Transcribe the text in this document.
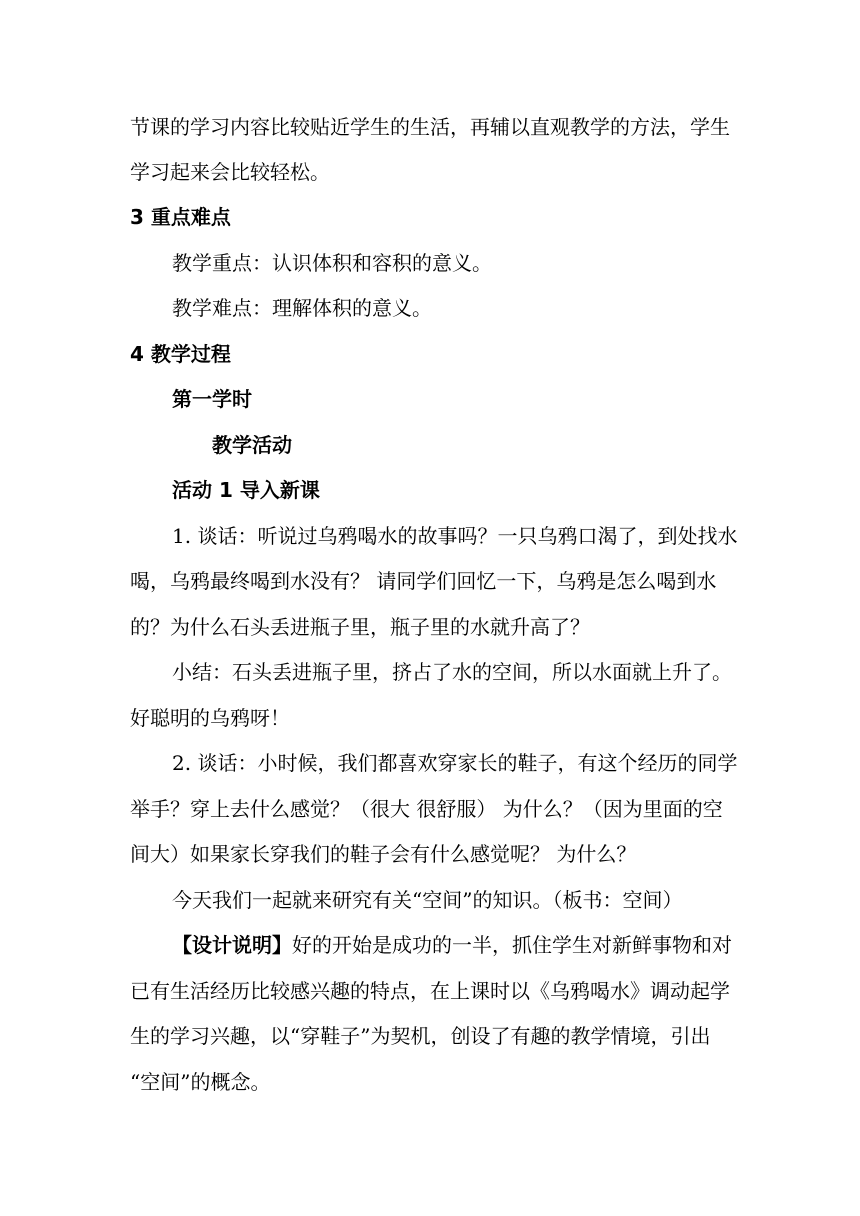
节课的学习内容比较贴近学生的生活，再辅以直观教学的方法，学生
学习起来会比较轻松。
3 重点难点
教学重点：认识体积和容积的意义。
教学难点：理解体积的意义。
4 教学过程
第一学时
教学活动
活动 1 导入新课
1. 谈话：听说过乌鸦喝水的故事吗？一只乌鸦口渴了，到处找水
喝，乌鸦最终喝到水没有？ 请同学们回忆一下，乌鸦是怎么喝到水
的？为什么石头丢进瓶子里，瓶子里的水就升高了？
小结：石头丢进瓶子里，挤占了水的空间，所以水面就上升了。
好聪明的乌鸦呀！
2. 谈话：小时候，我们都喜欢穿家长的鞋子，有这个经历的同学
举手？穿上去什么感觉？（很大 很舒服） 为什么？（因为里面的空
间大）如果家长穿我们的鞋子会有什么感觉呢？ 为什么？
今天我们一起就来研究有关“空间”的知识。（板书：空间）
【设计说明】好的开始是成功的一半，抓住学生对新鲜事物和对
已有生活经历比较感兴趣的特点，在上课时以《乌鸦喝水》调动起学
生的学习兴趣，以“穿鞋子”为契机，创设了有趣的教学情境，引出
“空间”的概念。
